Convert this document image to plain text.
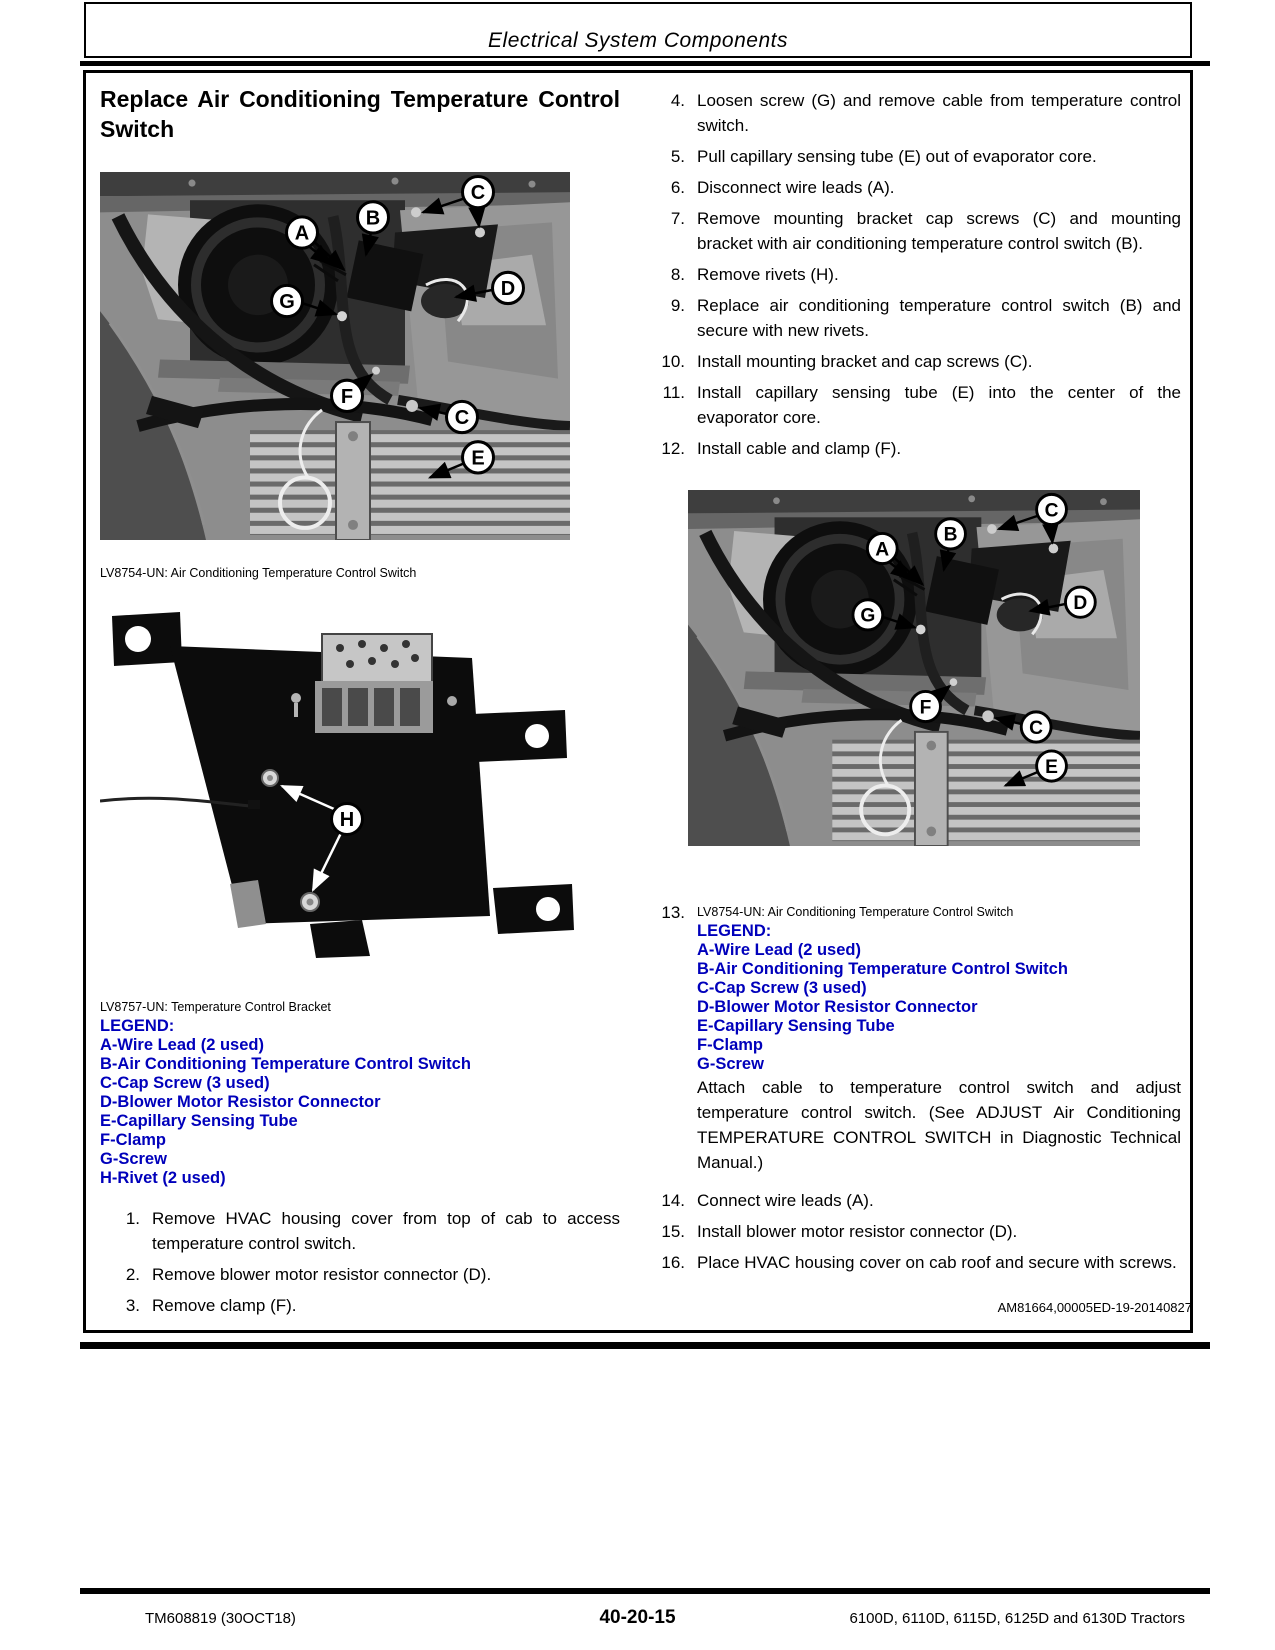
Electrical System Components
Replace Air Conditioning Temperature Control Switch
C
B
A
D
G
F
C
E
LV8754-UN: Air Conditioning Temperature Control Switch
H
LV8757-UN: Temperature Control Bracket
LEGEND:
A-Wire Lead (2 used)
B-Air Conditioning Temperature Control Switch
C-Cap Screw (3 used)
D-Blower Motor Resistor Connector
E-Capillary Sensing Tube
F-Clamp
G-Screw
H-Rivet (2 used)
1. Remove HVAC housing cover from top of cab to access temperature control switch.
2. Remove blower motor resistor connector (D).
3. Remove clamp (F).
4. Loosen screw (G) and remove cable from temperature control switch.
5. Pull capillary sensing tube (E) out of evaporator core.
6. Disconnect wire leads (A).
7. Remove mounting bracket cap screws (C) and mounting bracket with air conditioning temperature control switch (B).
8. Remove rivets (H).
9. Replace air conditioning temperature control switch (B) and secure with new rivets.
10. Install mounting bracket and cap screws (C).
11. Install capillary sensing tube (E) into the center of the evaporator core.
12. Install cable and clamp (F).
C
B
A
D
G
F
C
E
13. LV8754-UN: Air Conditioning Temperature Control Switch
LEGEND:
A-Wire Lead (2 used)
B-Air Conditioning Temperature Control Switch
C-Cap Screw (3 used)
D-Blower Motor Resistor Connector
E-Capillary Sensing Tube
F-Clamp
G-Screw
Attach cable to temperature control switch and adjust temperature control switch. (See ADJUST Air Conditioning TEMPERATURE CONTROL SWITCH in Diagnostic Technical Manual.)
14. Connect wire leads (A).
15. Install blower motor resistor connector (D).
16. Place HVAC housing cover on cab roof and secure with screws.
AM81664,00005ED-19-20140827
TM608819 (30OCT18)	40-20-15	6100D, 6110D, 6115D, 6125D and 6130D Tractors
